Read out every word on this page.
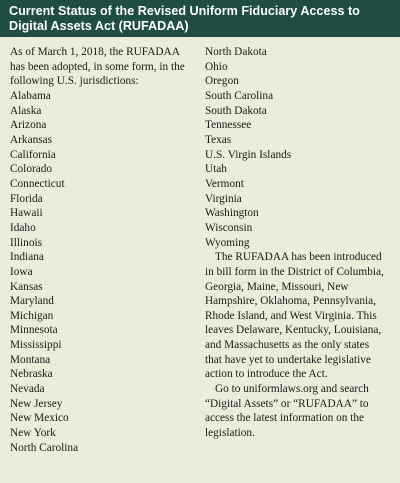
Current Status of the Revised Uniform Fiduciary Access to Digital Assets Act (RUFADAA)

As of March 1, 2018, the RUFADAA has been adopted, in some form, in the following U.S. jurisdictions:

Alabama
Alaska
Arizona
Arkansas
California
Colorado
Connecticut
Florida
Hawaii
Idaho
Illinois
Indiana
Iowa
Kansas
Maryland
Michigan
Minnesota
Mississippi
Montana
Nebraska
Nevada
New Jersey
New Mexico
New York
North Carolina
North Dakota
Ohio
Oregon
South Carolina
South Dakota
Tennessee
Texas
U.S. Virgin Islands
Utah
Vermont
Virginia
Washington
Wisconsin
Wyoming

The RUFADAA has been introduced in bill form in the District of Columbia, Georgia, Maine, Missouri, New Hampshire, Oklahoma, Pennsylvania, Rhode Island, and West Virginia. This leaves Delaware, Kentucky, Louisiana, and Massachusetts as the only states that have yet to undertake legislative action to introduce the Act.

Go to uniformlaws.org and search “Digital Assets” or “RUFADAA” to access the latest information on the legislation.
